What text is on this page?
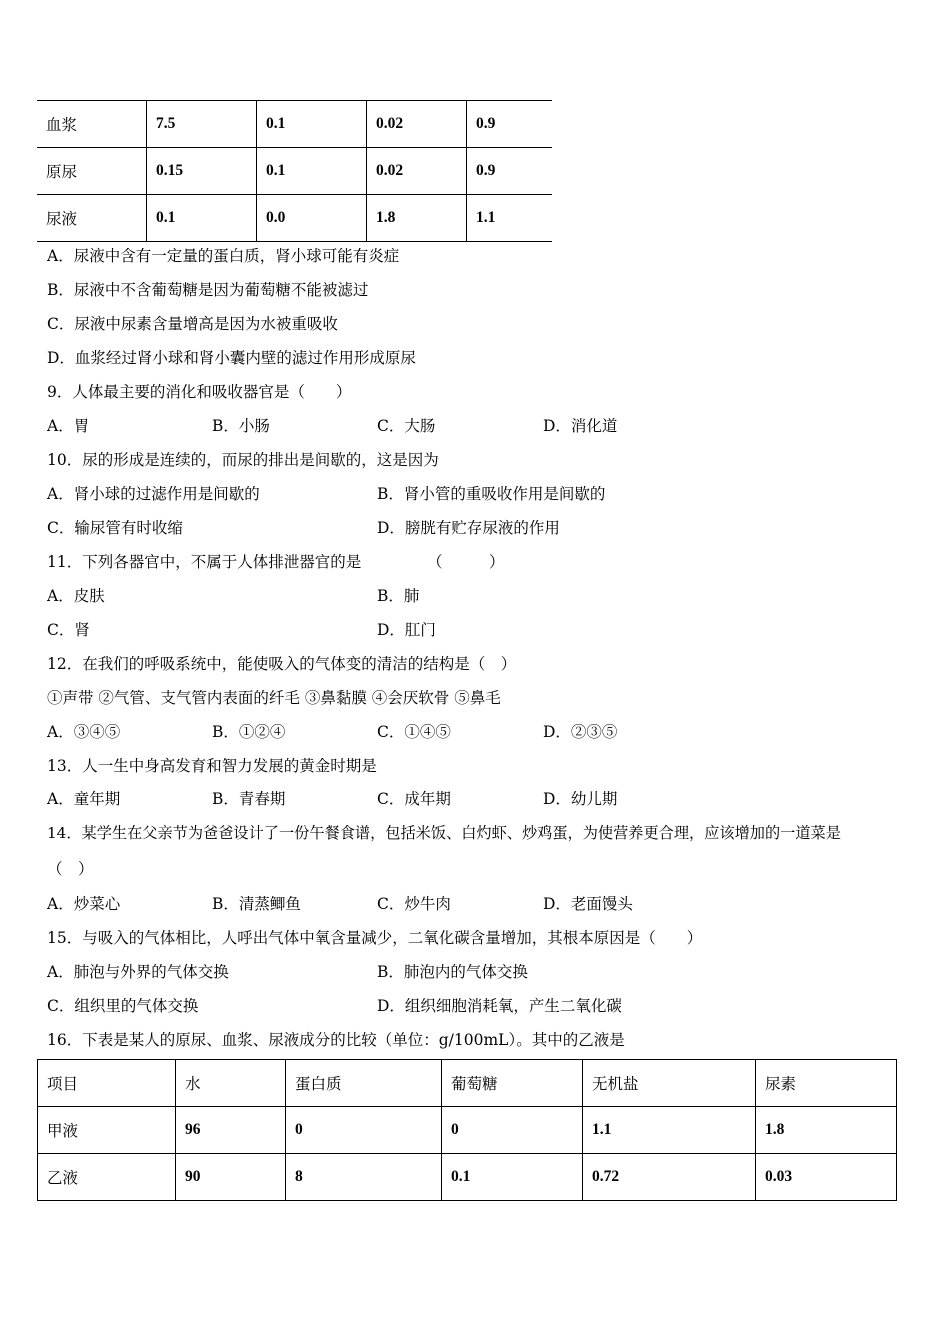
血浆	7.5	0.1	0.02	0.9
原尿	0.15	0.1	0.02	0.9
尿液	0.1	0.0	1.8	1.1
A．尿液中含有一定量的蛋白质，肾小球可能有炎症
B．尿液中不含葡萄糖是因为葡萄糖不能被滤过
C．尿液中尿素含量增高是因为水被重吸收
D．血浆经过肾小球和肾小囊内壁的滤过作用形成原尿
9．人体最主要的消化和吸收器官是（　　）
A．胃	B．小肠	C．大肠	D．消化道
10．尿的形成是连续的，而尿的排出是间歇的，这是因为
A．肾小球的过滤作用是间歇的	B．肾小管的重吸收作用是间歇的
C．输尿管有时收缩	D．膀胱有贮存尿液的作用
11．下列各器官中，不属于人体排泄器官的是	（　　　）
A．皮肤	B．肺
C．肾	D．肛门
12．在我们的呼吸系统中，能使吸入的气体变的清洁的结构是（　）
①声带 ②气管、支气管内表面的纤毛 ③鼻黏膜 ④会厌软骨 ⑤鼻毛
A．③④⑤	B．①②④	C．①④⑤	D．②③⑤
13．人一生中身高发育和智力发展的黄金时期是
A．童年期	B．青春期	C．成年期	D．幼儿期
14．某学生在父亲节为爸爸设计了一份午餐食谱，包括米饭、白灼虾、炒鸡蛋，为使营养更合理，应该增加的一道菜是
（　）
A．炒菜心	B．清蒸鲫鱼	C．炒牛肉	D．老面馒头
15．与吸入的气体相比，人呼出气体中氧含量减少，二氧化碳含量增加，其根本原因是（　　）
A．肺泡与外界的气体交换	B．肺泡内的气体交换
C．组织里的气体交换	D．组织细胞消耗氧，产生二氧化碳
16．下表是某人的原尿、血浆、尿液成分的比较（单位：g/100mL）。其中的乙液是
项目	水	蛋白质	葡萄糖	无机盐	尿素
甲液	96	0	0	1.1	1.8
乙液	90	8	0.1	0.72	0.03
